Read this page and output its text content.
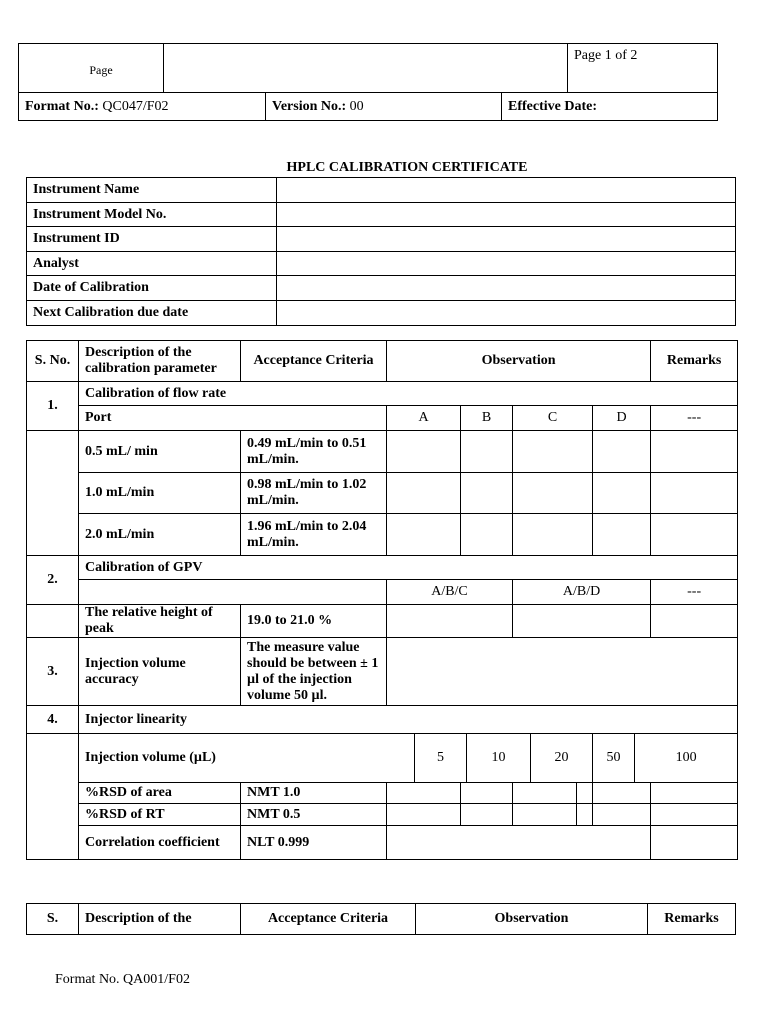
Page				Page 1 of 2
Format No.: QC047/F02		Version No.: 00	Effective Date:	
HPLC CALIBRATION CERTIFICATE
Instrument Name	
Instrument Model No.	
Instrument ID	
Analyst	
Date of Calibration	
Next Calibration due date	
S. No.	Description of the calibration parameter	Acceptance Criteria	Observation									Remarks	
1.	Calibration of flow rate												
	Port		A		B		C			D		---	
	0.5 mL/ min	0.49 mL/min to 0.51 mL/min.											
	1.0 mL/min	0.98 mL/min to 1.02 mL/min.											
	2.0 mL/min	1.96 mL/min to 2.04 mL/min.											
2.	Calibration of GPV												
			A/B/C				A/B/D					---	
	The relative height of peak	19.0 to 21.0 %											
3.	Injection volume accuracy	The measure value should be between ± 1 µl of the injection volume 50 µl.											
4.	Injector linearity												
	Injection volume (µL)			5		10		20		50	100	
	%RSD of area	NMT 1.0											
	%RSD of RT	NMT 0.5											
	Correlation coefficient	NLT 0.999											
S.	Description of the	Acceptance Criteria	Observation	Remarks
Format No. QA001/F02
